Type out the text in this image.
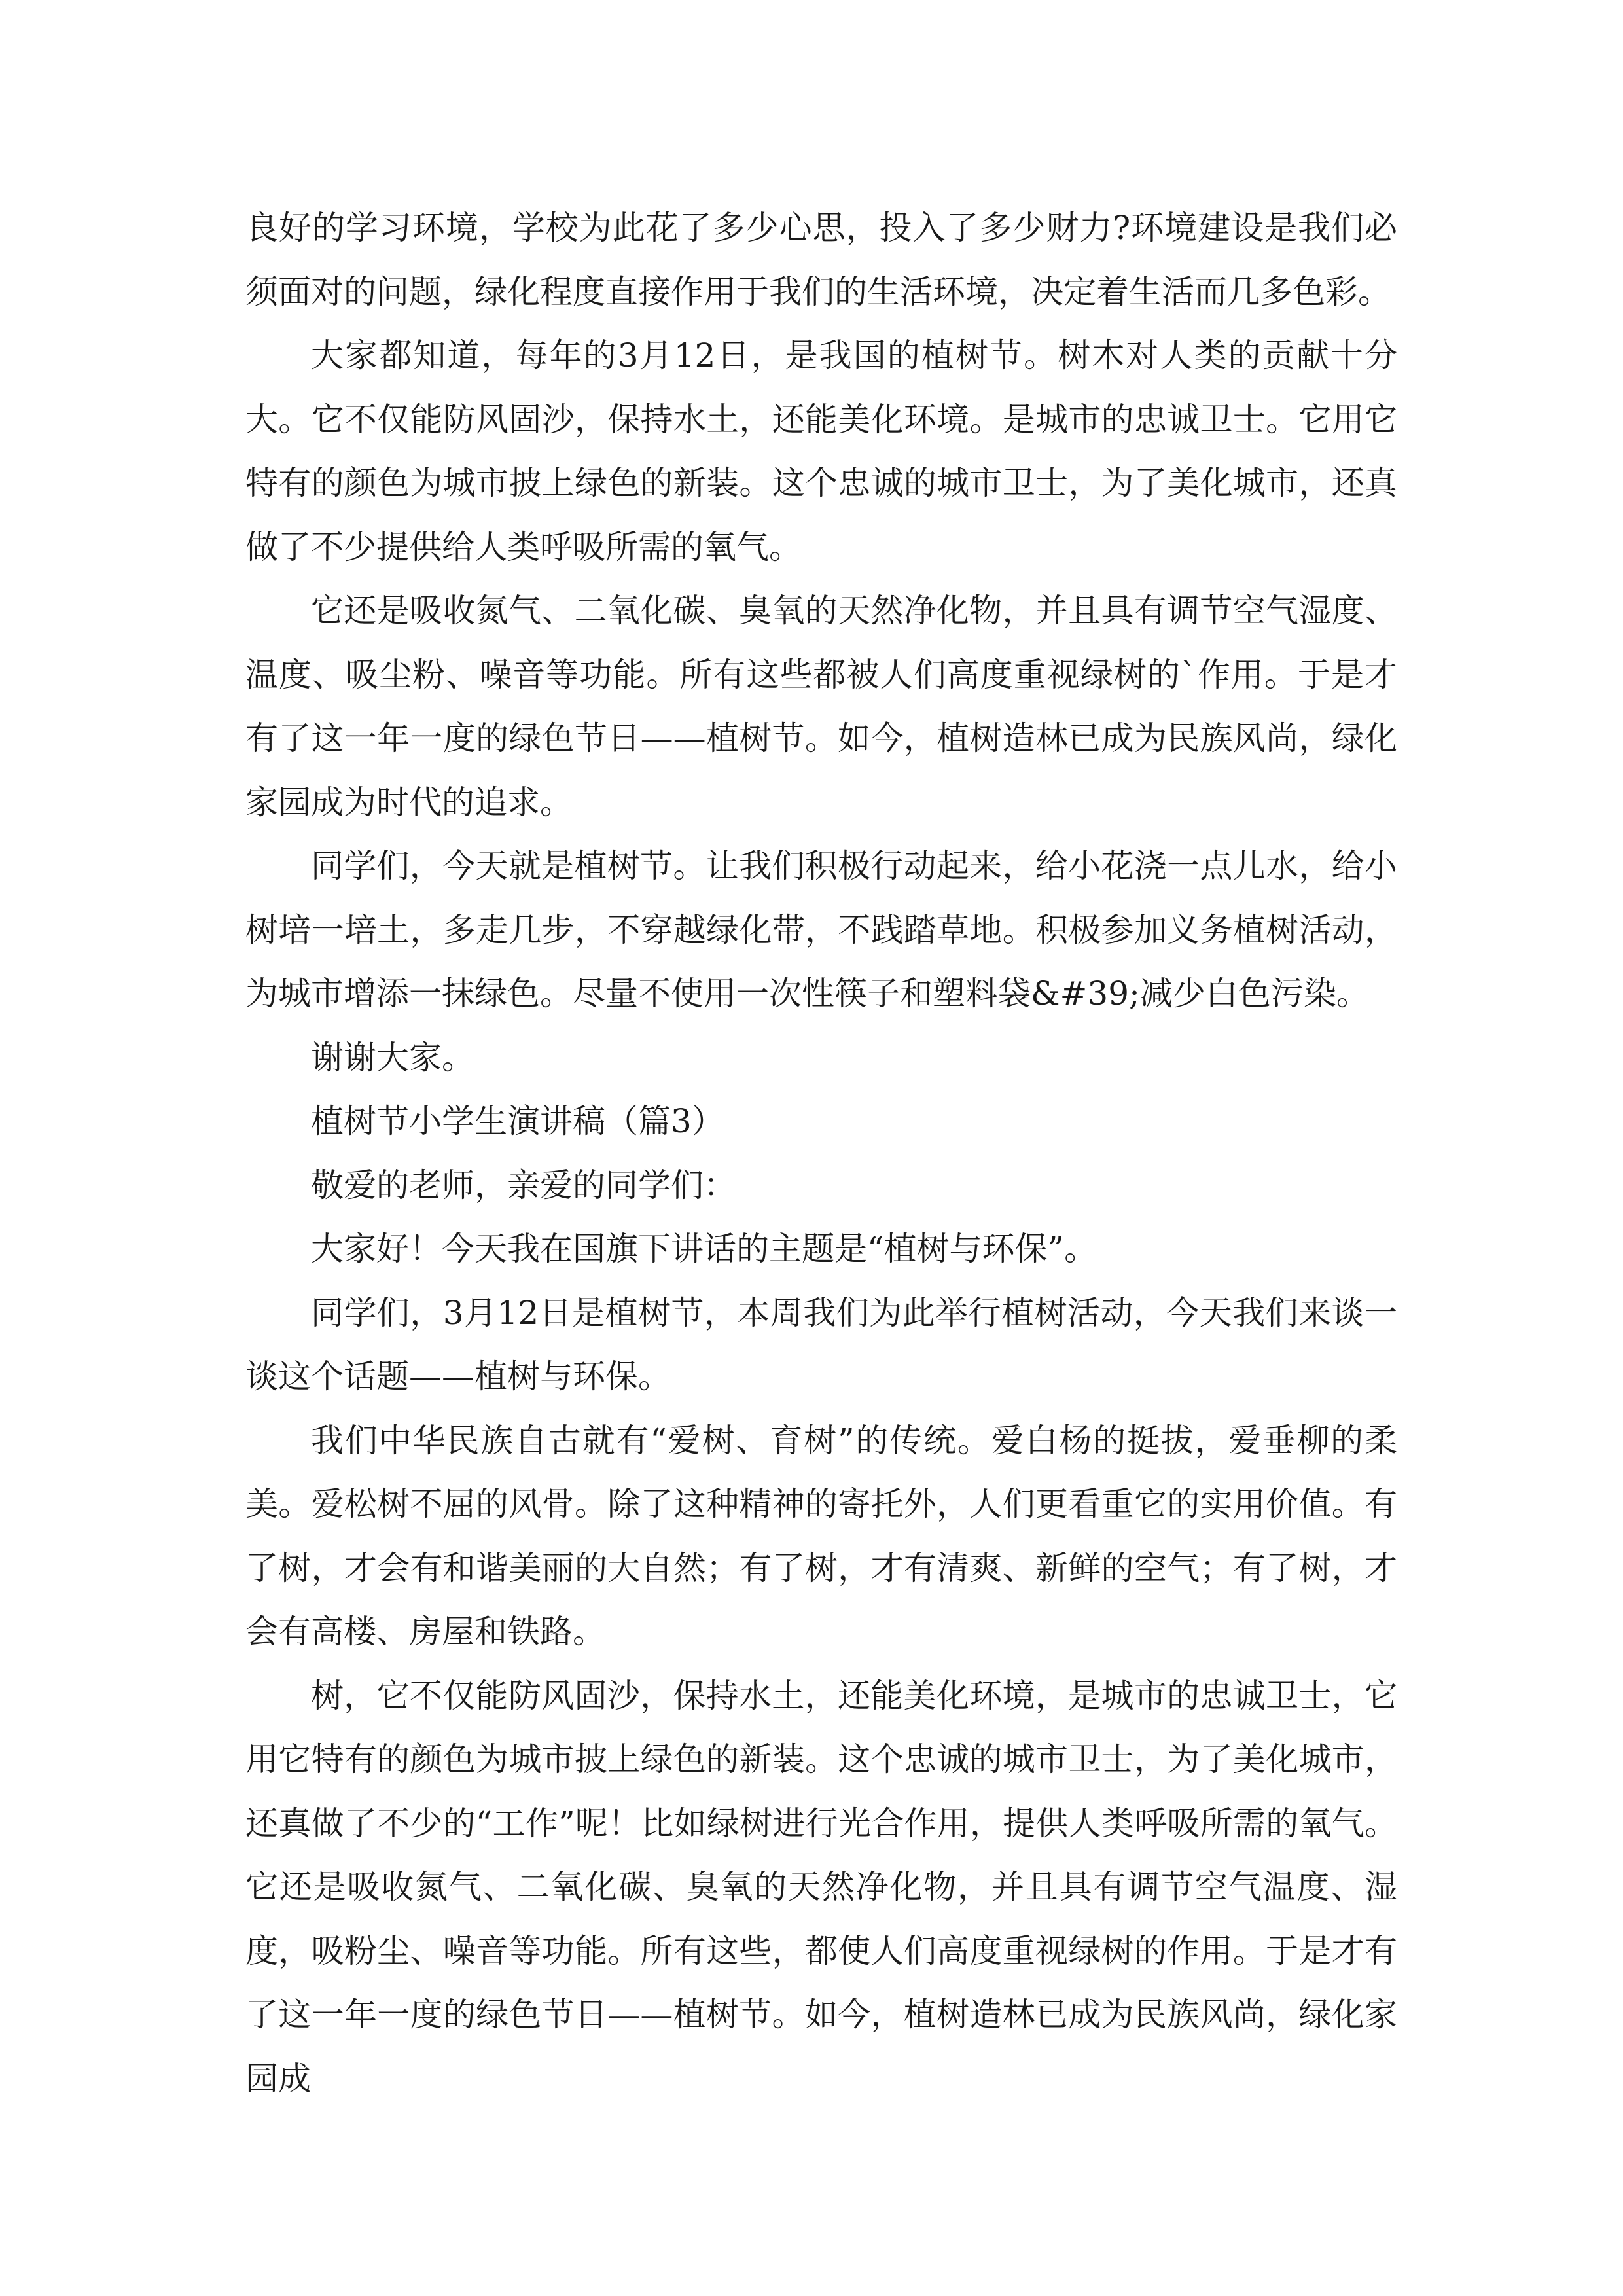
良好的学习环境，学校为此花了多少心思，投入了多少财力?环境建设是我们必须面对的问题，绿化程度直接作用于我们的生活环境，决定着生活而几多色彩。

大家都知道，每年的3月12日，是我国的植树节。树木对人类的贡献十分大。它不仅能防风固沙，保持水土，还能美化环境。是城市的忠诚卫士。它用它特有的颜色为城市披上绿色的新装。这个忠诚的城市卫士，为了美化城市，还真做了不少提供给人类呼吸所需的氧气。

它还是吸收氮气、二氧化碳、臭氧的天然净化物，并且具有调节空气湿度、温度、吸尘粉、噪音等功能。所有这些都被人们高度重视绿树的`作用。于是才有了这一年一度的绿色节日——植树节。如今，植树造林已成为民族风尚，绿化家园成为时代的追求。

同学们，今天就是植树节。让我们积极行动起来，给小花浇一点儿水，给小树培一培土，多走几步，不穿越绿化带，不践踏草地。积极参加义务植树活动，为城市增添一抹绿色。尽量不使用一次性筷子和塑料袋&#39;减少白色污染。

谢谢大家。

植树节小学生演讲稿（篇3）

敬爱的老师，亲爱的同学们：

大家好！今天我在国旗下讲话的主题是“植树与环保”。

同学们，3月12日是植树节，本周我们为此举行植树活动，今天我们来谈一谈这个话题——植树与环保。

我们中华民族自古就有“爱树、育树”的传统。爱白杨的挺拔，爱垂柳的柔美。爱松树不屈的风骨。除了这种精神的寄托外，人们更看重它的实用价值。有了树，才会有和谐美丽的大自然；有了树，才有清爽、新鲜的空气；有了树，才会有高楼、房屋和铁路。

树，它不仅能防风固沙，保持水土，还能美化环境，是城市的忠诚卫士，它用它特有的颜色为城市披上绿色的新装。这个忠诚的城市卫士，为了美化城市，还真做了不少的“工作”呢！比如绿树进行光合作用，提供人类呼吸所需的氧气。它还是吸收氮气、二氧化碳、臭氧的天然净化物，并且具有调节空气温度、湿度，吸粉尘、噪音等功能。所有这些，都使人们高度重视绿树的作用。于是才有了这一年一度的绿色节日——植树节。如今，植树造林已成为民族风尚，绿化家园成
